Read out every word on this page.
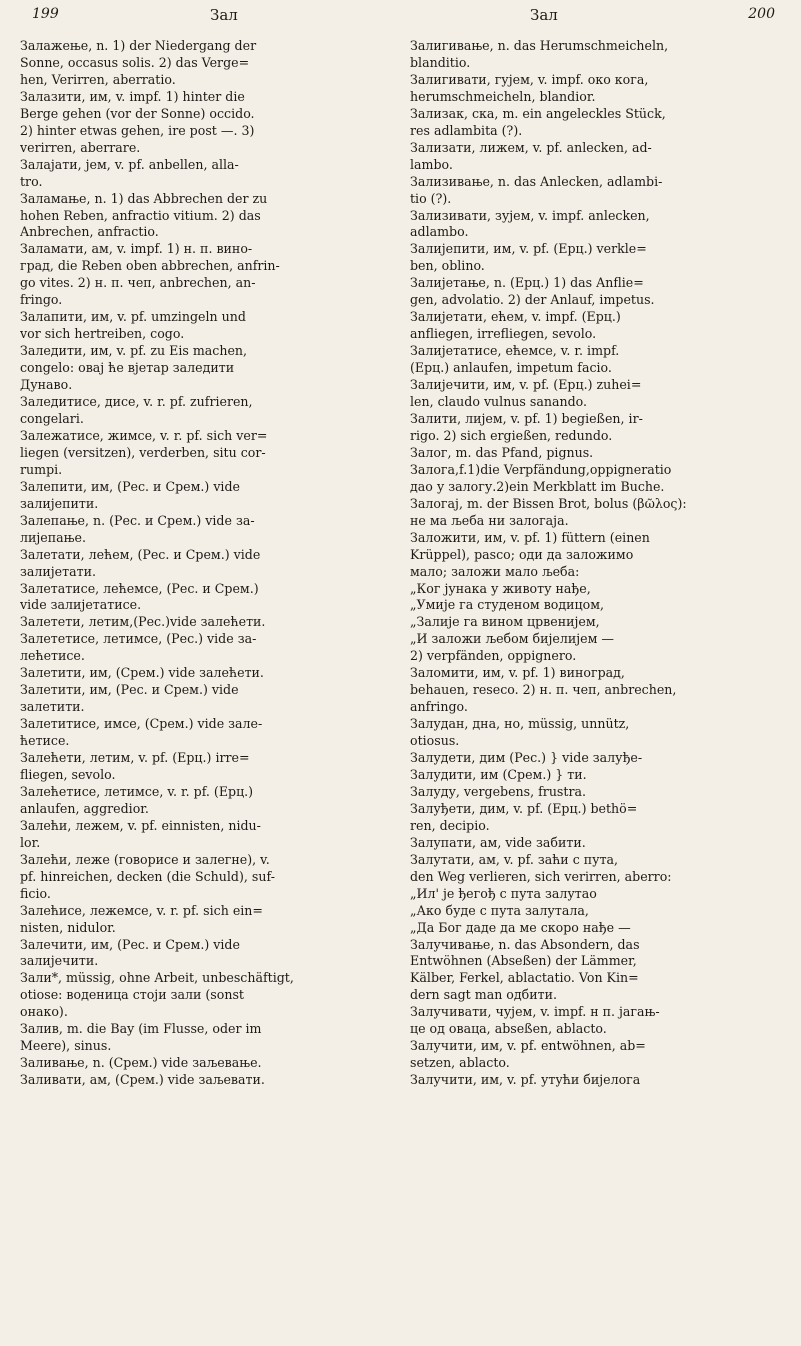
199	Зал	Зал	200
Залажење, n. 1) der Niedergang der
Sonne, occasus solis. 2) das Verge=
hen, Verirren, aberratio.
Залазити, им, v. impf. 1) hinter die
Berge gehen (vor der Sonne) occido.
2) hinter etwas gehen, ire post —. 3)
verirren, aberrare.
Залајати, јем, v. pf. anbellen, alla-
tro.
Заламање, n. 1) das Abbrechen der zu
hohen Reben, anfractio vitium. 2) das
Anbrechen, anfractio.
Заламати, ам, v. impf. 1) н. п. вино-
град, die Reben oben abbrechen, anfrin-
go vites. 2) н. п. чеп, anbrechen, an-
fringo.
Залапити, им, v. pf. umzingeln und
vor sich hertreiben, cogo.
Заледити, им, v. pf. zu Eis machen,
congelo: овај ће вјетар заледити
Дунаво.
Заледитисе, дисе, v. r. pf. zufrieren,
congelari.
Залежатисе, жимсе, v. r. pf. sich ver=
liegen (versitzen), verderben, situ cor-
rumpi.
Залепити, им, (Рес. и Срем.) vide
залијепити.
Залепање, n. (Рес. и Срем.) vide за-
лијепање.
Залетати, лећем, (Рес. и Срем.) vide
залијетати.
Залетатисе, лећемсе, (Рес. и Срем.)
vide залијетатисе.
Залетети, летим,(Рес.)vide залећети.
Залететисе, летимсе, (Рес.) vide за-
лећетисе.
Залетити, им, (Срем.) vide залећети.
Залетити, им, (Рес. и Срем.) vide
залетити.
Залетитисе, имсе, (Срем.) vide зале-
ћетисе.
Залећети, летим, v. pf. (Ерц.) irre=
fliegen, sevolo.
Залећетисе, летимсе, v. r. pf. (Ерц.)
anlaufen, aggredior.
Залећи, лежем, v. pf. einnisten, nidu-
lor.
Залећи, леже (говорисе и залегне), v.
pf. hinreichen, decken (die Schuld), suf-
ficio.
Залећисе, лежемсе, v. r. pf. sich ein=
nisten, nidulor.
Залечити, им, (Рес. и Срем.) vide
залијечити.
Зали*, müssig, ohne Arbeit, unbeschäftigt,
otiose: воденица стоји зали (sonst
онако).
Залив, m. die Bay (im Flusse, oder im
Meere), sinus.
Заливање, n. (Срем.) vide заљевање.
Заливати, ам, (Срем.) vide заљевати.
Залигивање, n. das Herumschmeicheln,
blanditio.
Залигивати, гујем, v. impf. око кога,
herumschmeicheln, blandior.
Зализак, ска, m. ein angeleckles Stück,
res adlambita (?).
Зализати, лижем, v. pf. anlecken, ad-
lambo.
Зализивање, n. das Anlecken, adlambi-
tio (?).
Зализивати, зујем, v. impf. anlecken,
adlambo.
Залијепити, им, v. pf. (Ерц.) verkle=
ben, oblino.
Залијетање, n. (Ерц.) 1) das Anflie=
gen, advolatio. 2) der Anlauf, impetus.
Залијетати, ећем, v. impf. (Ерц.)
anfliegen, irrefliegen, sevolo.
Залијетатисе, ећемсе, v. r. impf.
(Ерц.) anlaufen, impetum facio.
Залијечити, им, v. pf. (Ерц.) zuhei=
len, claudo vulnus sanando.
Залити, лијем, v. pf. 1) begießen, ir-
rigo. 2) sich ergießen, redundo.
Залог, m. das Pfand, pignus.
Залога,f.1)die Verpfändung,oppigneratio
дао у залогу.2)ein Merkblatt im Buche.
Залогај, m. der Bissen Brot, bolus (βῶλος):
не ма љеба ни залогаја.
Заложити, им, v. pf. 1) füttern (einen
Krüppel), pasco; оди да заложимо
мало; заложи мало љеба:
„Ког јунака у животу нађе,
„Умије га студеном водицом,
„Залије га вином црвенијем,
„И заложи љебом бијелијем —
2) verpfänden, oppignero.
Заломити, им, v. pf. 1) виноград,
behauen, reseco. 2) н. п. чеп, anbrechen,
anfringo.
Залудан, дна, но, müssig, unnütz,
otiosus.
Залудети, дим (Рес.) } vide залуђе-
Залудити, им (Срем.) } ти.
Залуду, vergebens, frustra.
Залуђети, дим, v. pf. (Ерц.) bethö=
ren, decipio.
Залупати, ам, vide забити.
Залутати, ам, v. pf. заћи с пута,
den Weg verlieren, sich verirren, aberro:
„Ил' је ђегођ с пута залутао
„Ако буде с пута залутала,
„Да Бог даде да ме скоро нађе —
Залучивање, n. das Absondern, das
Entwöhnen (Abseßen) der Lämmer,
Kälber, Ferkel, ablactatio. Von Kin=
dern sagt man одбити.
Залучивати, чујем, v. impf. н п. јагањ-
це од оваца, abseßen, ablacto.
Залучити, им, v. pf. entwöhnen, ab=
setzen, ablacto.
Залучити, им, v. pf. утући бијелога
